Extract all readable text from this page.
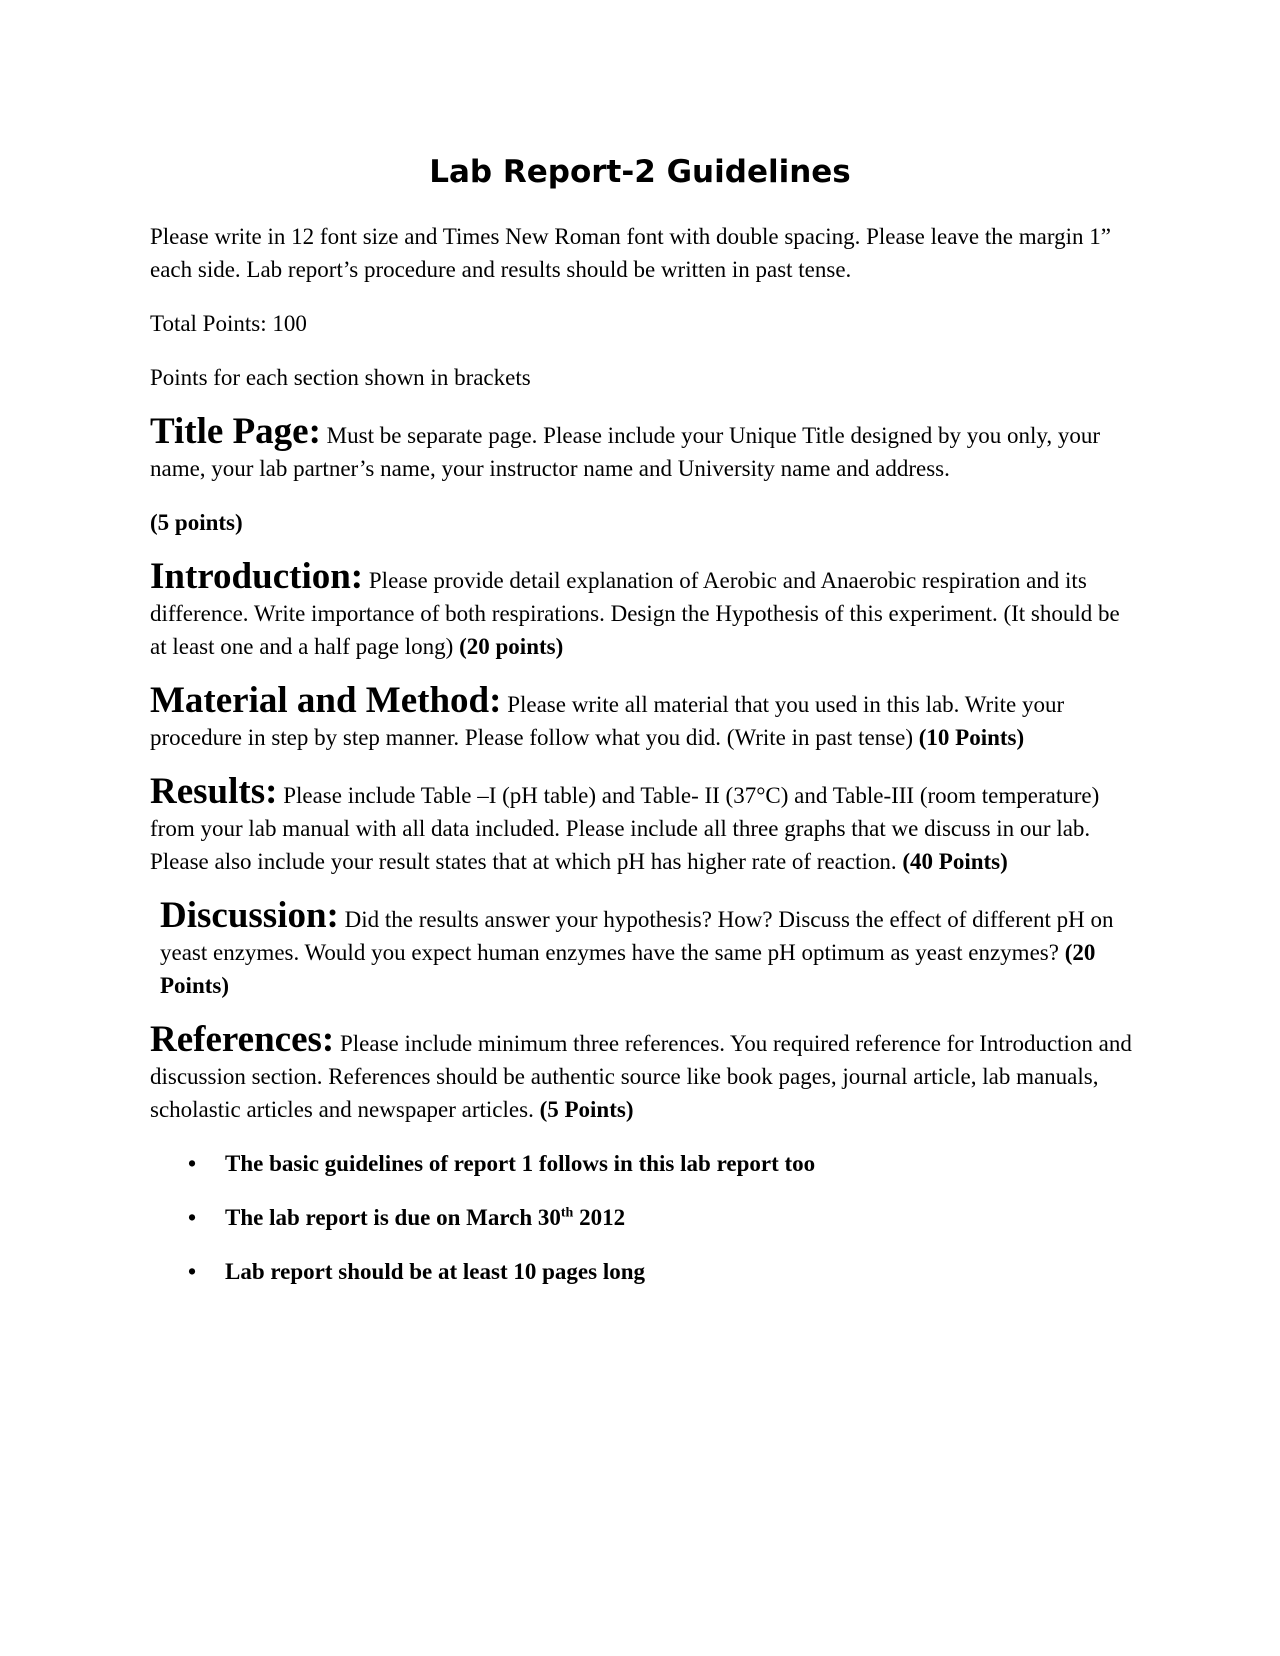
Lab Report-2 Guidelines

Please write in 12 font size and Times New Roman font with double spacing. Please leave the margin 1” each side. Lab report’s procedure and results should be written in past tense.

Total Points: 100

Points for each section shown in brackets

Title Page: Must be separate page. Please include your Unique Title designed by you only, your name, your lab partner’s name, your instructor name and University name and address.

(5 points)

Introduction: Please provide detail explanation of Aerobic and Anaerobic respiration and its difference. Write importance of both respirations. Design the Hypothesis of this experiment. (It should be at least one and a half page long) (20 points)

Material and Method: Please write all material that you used in this lab. Write your procedure in step by step manner. Please follow what you did. (Write in past tense) (10 Points)

Results: Please include Table –I (pH table) and Table- II (37°C) and Table-III (room temperature) from your lab manual with all data included. Please include all three graphs that we discuss in our lab. Please also include your result states that at which pH has higher rate of reaction. (40 Points)

Discussion: Did the results answer your hypothesis? How? Discuss the effect of different pH on yeast enzymes. Would you expect human enzymes have the same pH optimum as yeast enzymes? (20 Points)

References: Please include minimum three references. You required reference for Introduction and discussion section. References should be authentic source like book pages, journal article, lab manuals, scholastic articles and newspaper articles. (5 Points)

• The basic guidelines of report 1 follows in this lab report too
• The lab report is due on March 30th 2012
• Lab report should be at least 10 pages long
